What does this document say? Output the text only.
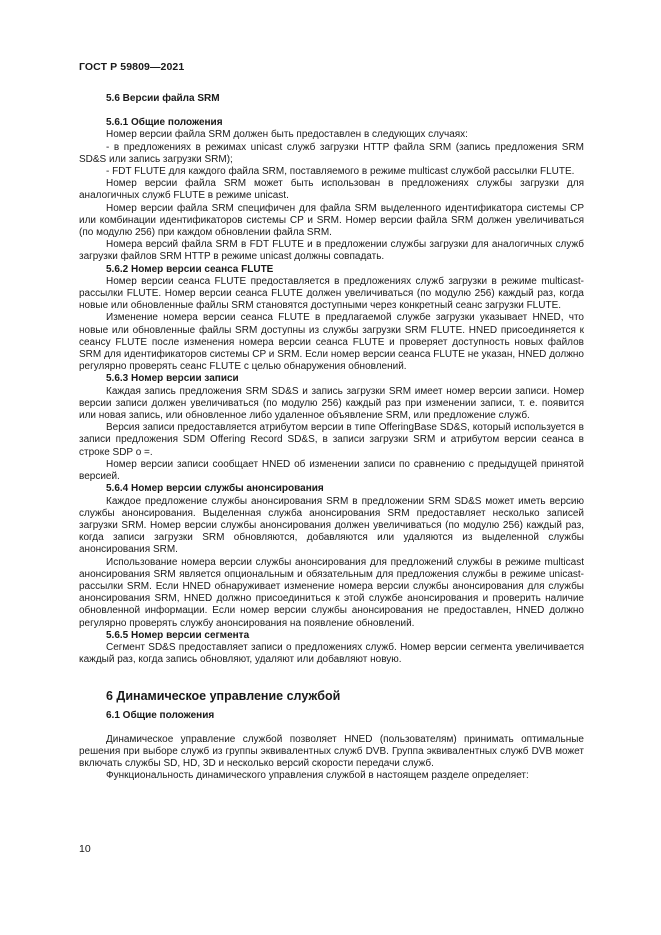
ГОСТ Р 59809—2021
5.6 Версии файла SRM
5.6.1 Общие положения

Номер версии файла SRM должен быть предоставлен в следующих случаях:

- в предложениях в режимах unicast служб загрузки HTTP файла SRM (запись предложения SRM SD&S или запись загрузки SRM);

- FDT FLUTE для каждого файла SRM, поставляемого в режиме multicast службой рассылки FLUTE.

Номер версии файла SRM может быть использован в предложениях службы загрузки для аналогичных служб FLUTE в режиме unicast.

Номер версии файла SRM специфичен для файла SRM выделенного идентификатора системы CP или комбинации идентификаторов системы CP и SRM. Номер версии файла SRM должен увеличиваться (по модулю 256) при каждом обновлении файла SRM.

Номера версий файла SRM в FDT FLUTE и в предложении службы загрузки для аналогичных служб загрузки файлов SRM HTTP в режиме unicast должны совпадать.

5.6.2 Номер версии сеанса FLUTE

Номер версии сеанса FLUTE предоставляется в предложениях служб загрузки в режиме multicast-рассылки FLUTE. Номер версии сеанса FLUTE должен увеличиваться (по модулю 256) каждый раз, когда новые или обновленные файлы SRM становятся доступными через конкретный сеанс загрузки FLUTE.

Изменение номера версии сеанса FLUTE в предлагаемой службе загрузки указывает HNED, что новые или обновленные файлы SRM доступны из службы загрузки SRM FLUTE. HNED присоединяется к сеансу FLUTE после изменения номера версии сеанса FLUTE и проверяет доступность новых файлов SRM для идентификаторов системы CP и SRM. Если номер версии сеанса FLUTE не указан, HNED должно регулярно проверять сеанс FLUTE с целью обнаружения обновлений.

5.6.3 Номер версии записи

Каждая запись предложения SRM SD&S и запись загрузки SRM имеет номер версии записи. Номер версии записи должен увеличиваться (по модулю 256) каждый раз при изменении записи, т. е. появится или новая запись, или обновленное либо удаленное объявление SRM, или предложение служб.

Версия записи предоставляется атрибутом версии в типе OfferingBase SD&S, который используется в записи предложения SDM Offering Record SD&S, в записи загрузки SRM и атрибутом версии сеанса в строке SDP o =.

Номер версии записи сообщает HNED об изменении записи по сравнению с предыдущей принятой версией.

5.6.4 Номер версии службы анонсирования

Каждое предложение службы анонсирования SRM в предложении SRM SD&S может иметь версию службы анонсирования. Выделенная служба анонсирования SRM предоставляет несколько записей загрузки SRM. Номер версии службы анонсирования должен увеличиваться (по модулю 256) каждый раз, когда записи загрузки SRM обновляются, добавляются или удаляются из выделенной службы анонсирования SRM.

Использование номера версии службы анонсирования для предложений службы в режиме multicast анонсирования SRM является опциональным и обязательным для предложения службы в режиме unicast-рассылки SRM. Если HNED обнаруживает изменение номера версии службы анонсирования для службы анонсирования SRM, HNED должно присоединиться к этой службе анонсирования и проверить наличие обновленной информации. Если номер версии службы анонсирования не предоставлен, HNED должно регулярно проверять службу анонсирования на появление обновлений.

5.6.5 Номер версии сегмента

Сегмент SD&S предоставляет записи о предложениях служб. Номер версии сегмента увеличивается каждый раз, когда запись обновляют, удаляют или добавляют новую.

6 Динамическое управление службой
6.1 Общие положения

Динамическое управление службой позволяет HNED (пользователям) принимать оптимальные решения при выборе служб из группы эквивалентных служб DVB. Группа эквивалентных служб DVB может включать службы SD, HD, 3D и несколько версий скорости передачи служб.

Функциональность динамического управления службой в настоящем разделе определяет:

10
